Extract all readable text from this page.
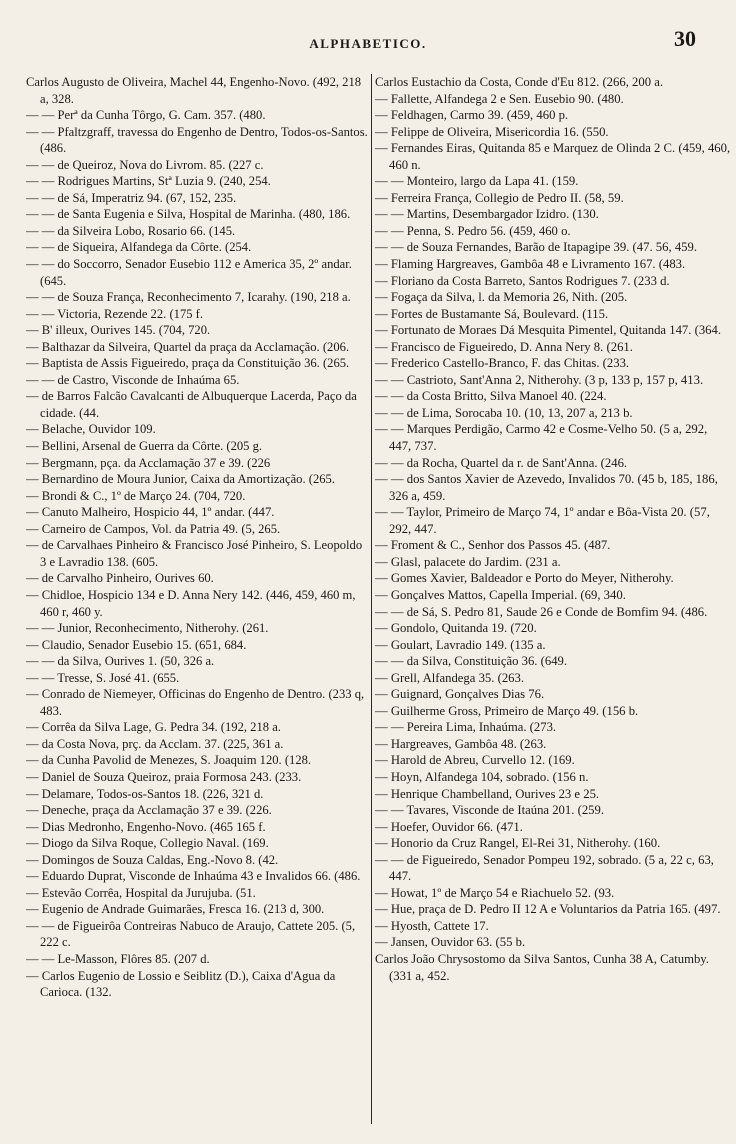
ALPHABETICO.	30

Carlos Augusto de Oliveira, Machel 44, Engenho-Novo. (492, 218 a, 328.

— — Perª da Cunha Tôrgo, G. Cam. 357. (480.

— — Pfaltzgraff, travessa do Engenho de Dentro, Todos-os-Santos. (486.

— — de Queiroz, Nova do Livrom. 85. (227 c.

— — Rodrigues Martins, Stª Luzia 9. (240, 254.

— — de Sá, Imperatriz 94. (67, 152, 235.

— — de Santa Eugenia e Silva, Hospital de Marinha. (480, 186.

— — da Silveira Lobo, Rosario 66. (145.

— — de Siqueira, Alfandega da Côrte. (254.

— — do Soccorro, Senador Eusebio 112 e America 35, 2º andar. (645.

— — de Souza França, Reconhecimento 7, Icarahy. (190, 218 a.

— — Victoria, Rezende 22. (175 f.

— B' illeux, Ourives 145. (704, 720.

— Balthazar da Silveira, Quartel da praça da Acclamação. (206.

— Baptista de Assis Figueiredo, praça da Constituição 36. (265.

— — de Castro, Visconde de Inhaúma 65.

— de Barros Falcão Cavalcanti de Albuquerque Lacerda, Paço da cidade. (44.

— Belache, Ouvidor 109.

— Bellini, Arsenal de Guerra da Côrte. (205 g.

— Bergmann, pça. da Acclamação 37 e 39. (226

— Bernardino de Moura Junior, Caixa da Amortização. (265.

— Brondi & C., 1º de Março 24. (704, 720.

— Canuto Malheiro, Hospicio 44, 1º andar. (447.

— Carneiro de Campos, Vol. da Patria 49. (5, 265.

— de Carvalhaes Pinheiro & Francisco José Pinheiro, S. Leopoldo 3 e Lavradio 138. (605.

— de Carvalho Pinheiro, Ourives 60.

— Chidloe, Hospicio 134 e D. Anna Nery 142. (446, 459, 460 m, 460 r, 460 y.

— — Junior, Reconhecimento, Nitherohy. (261.

— Claudio, Senador Eusebio 15. (651, 684.

— — da Silva, Ourives 1. (50, 326 a.

— — Tresse, S. José 41. (655.

— Conrado de Niemeyer, Officinas do Engenho de Dentro. (233 q, 483.

— Corrêa da Silva Lage, G. Pedra 34. (192, 218 a.

— da Costa Nova, prç. da Acclam. 37. (225, 361 a.

— da Cunha Pavolid de Menezes, S. Joaquim 120. (128.

— Daniel de Souza Queiroz, praia Formosa 243. (233.

— Delamare, Todos-os-Santos 18. (226, 321 d.

— Deneche, praça da Acclamação 37 e 39. (226.

— Dias Medronho, Engenho-Novo. (465 165 f.

— Diogo da Silva Roque, Collegio Naval. (169.

— Domingos de Souza Caldas, Eng.-Novo 8. (42.

— Eduardo Duprat, Visconde de Inhaúma 43 e Invalidos 66. (486.

— Estevão Corrêa, Hospital da Jurujuba. (51.

— Eugenio de Andrade Guimarães, Fresca 16. (213 d, 300.

— — de Figueirôa Contreiras Nabuco de Araujo, Cattete 205. (5, 222 c.

— — Le-Masson, Flôres 85. (207 d.

— Carlos Eugenio de Lossio e Seiblitz (D.), Caixa d'Agua da Carioca. (132.

Carlos Eustachio da Costa, Conde d'Eu 812. (266, 200 a.

— Fallette, Alfandega 2 e Sen. Eusebio 90. (480.

— Feldhagen, Carmo 39. (459, 460 p.

— Felippe de Oliveira, Misericordia 16. (550.

— Fernandes Eiras, Quitanda 85 e Marquez de Olinda 2 C. (459, 460, 460 n.

— — Monteiro, largo da Lapa 41. (159.

— Ferreira França, Collegio de Pedro II. (58, 59.

— — Martins, Desembargador Izidro. (130.

— — Penna, S. Pedro 56. (459, 460 o.

— — de Souza Fernandes, Barão de Itapagipe 39. (47. 56, 459.

— Flaming Hargreaves, Gambôa 48 e Livramento 167. (483.

— Floriano da Costa Barreto, Santos Rodrigues 7. (233 d.

— Fogaça da Silva, l. da Memoria 26, Nith. (205.

— Fortes de Bustamante Sá, Boulevard. (115.

— Fortunato de Moraes Dá Mesquita Pimentel, Quitanda 147. (364.

— Francisco de Figueiredo, D. Anna Nery 8. (261.

— Frederico Castello-Branco, F. das Chitas. (233.

— — Castrioto, Sant'Anna 2, Nitherohy. (3 p, 133 p, 157 p, 413.

— — da Costa Britto, Silva Manoel 40. (224.

— — de Lima, Sorocaba 10. (10, 13, 207 a, 213 b.

— — Marques Perdigão, Carmo 42 e Cosme-Velho 50. (5 a, 292, 447, 737.

— — da Rocha, Quartel da r. de Sant'Anna. (246.

— — dos Santos Xavier de Azevedo, Invalidos 70. (45 b, 185, 186, 326 a, 459.

— — Taylor, Primeiro de Março 74, 1º andar e Bôa-Vista 20. (57, 292, 447.

— Froment & C., Senhor dos Passos 45. (487.

— Glasl, palacete do Jardim. (231 a.

— Gomes Xavier, Baldeador e Porto do Meyer, Nitherohy.

— Gonçalves Mattos, Capella Imperial. (69, 340.

— — de Sá, S. Pedro 81, Saude 26 e Conde de Bomfim 94. (486.

— Gondolo, Quitanda 19. (720.

— Goulart, Lavradio 149. (135 a.

— — da Silva, Constituição 36. (649.

— Grell, Alfandega 35. (263.

— Guignard, Gonçalves Dias 76.

— Guilherme Gross, Primeiro de Março 49. (156 b.

— — Pereira Lima, Inhaúma. (273.

— Hargreaves, Gambôa 48. (263.

— Harold de Abreu, Curvello 12. (169.

— Hoyn, Alfandega 104, sobrado. (156 n.

— Henrique Chambelland, Ourives 23 e 25.

— — Tavares, Visconde de Itaúna 201. (259.

— Hoefer, Ouvidor 66. (471.

— Honorio da Cruz Rangel, El-Rei 31, Nitherohy. (160.

— — de Figueiredo, Senador Pompeu 192, sobrado. (5 a, 22 c, 63, 447.

— Howat, 1º de Março 54 e Riachuelo 52. (93.

— Hue, praça de D. Pedro II 12 A e Voluntarios da Patria 165. (497.

— Hyosth, Cattete 17.

— Jansen, Ouvidor 63. (55 b.

Carlos João Chrysostomo da Silva Santos, Cunha 38 A, Catumby. (331 a, 452.
